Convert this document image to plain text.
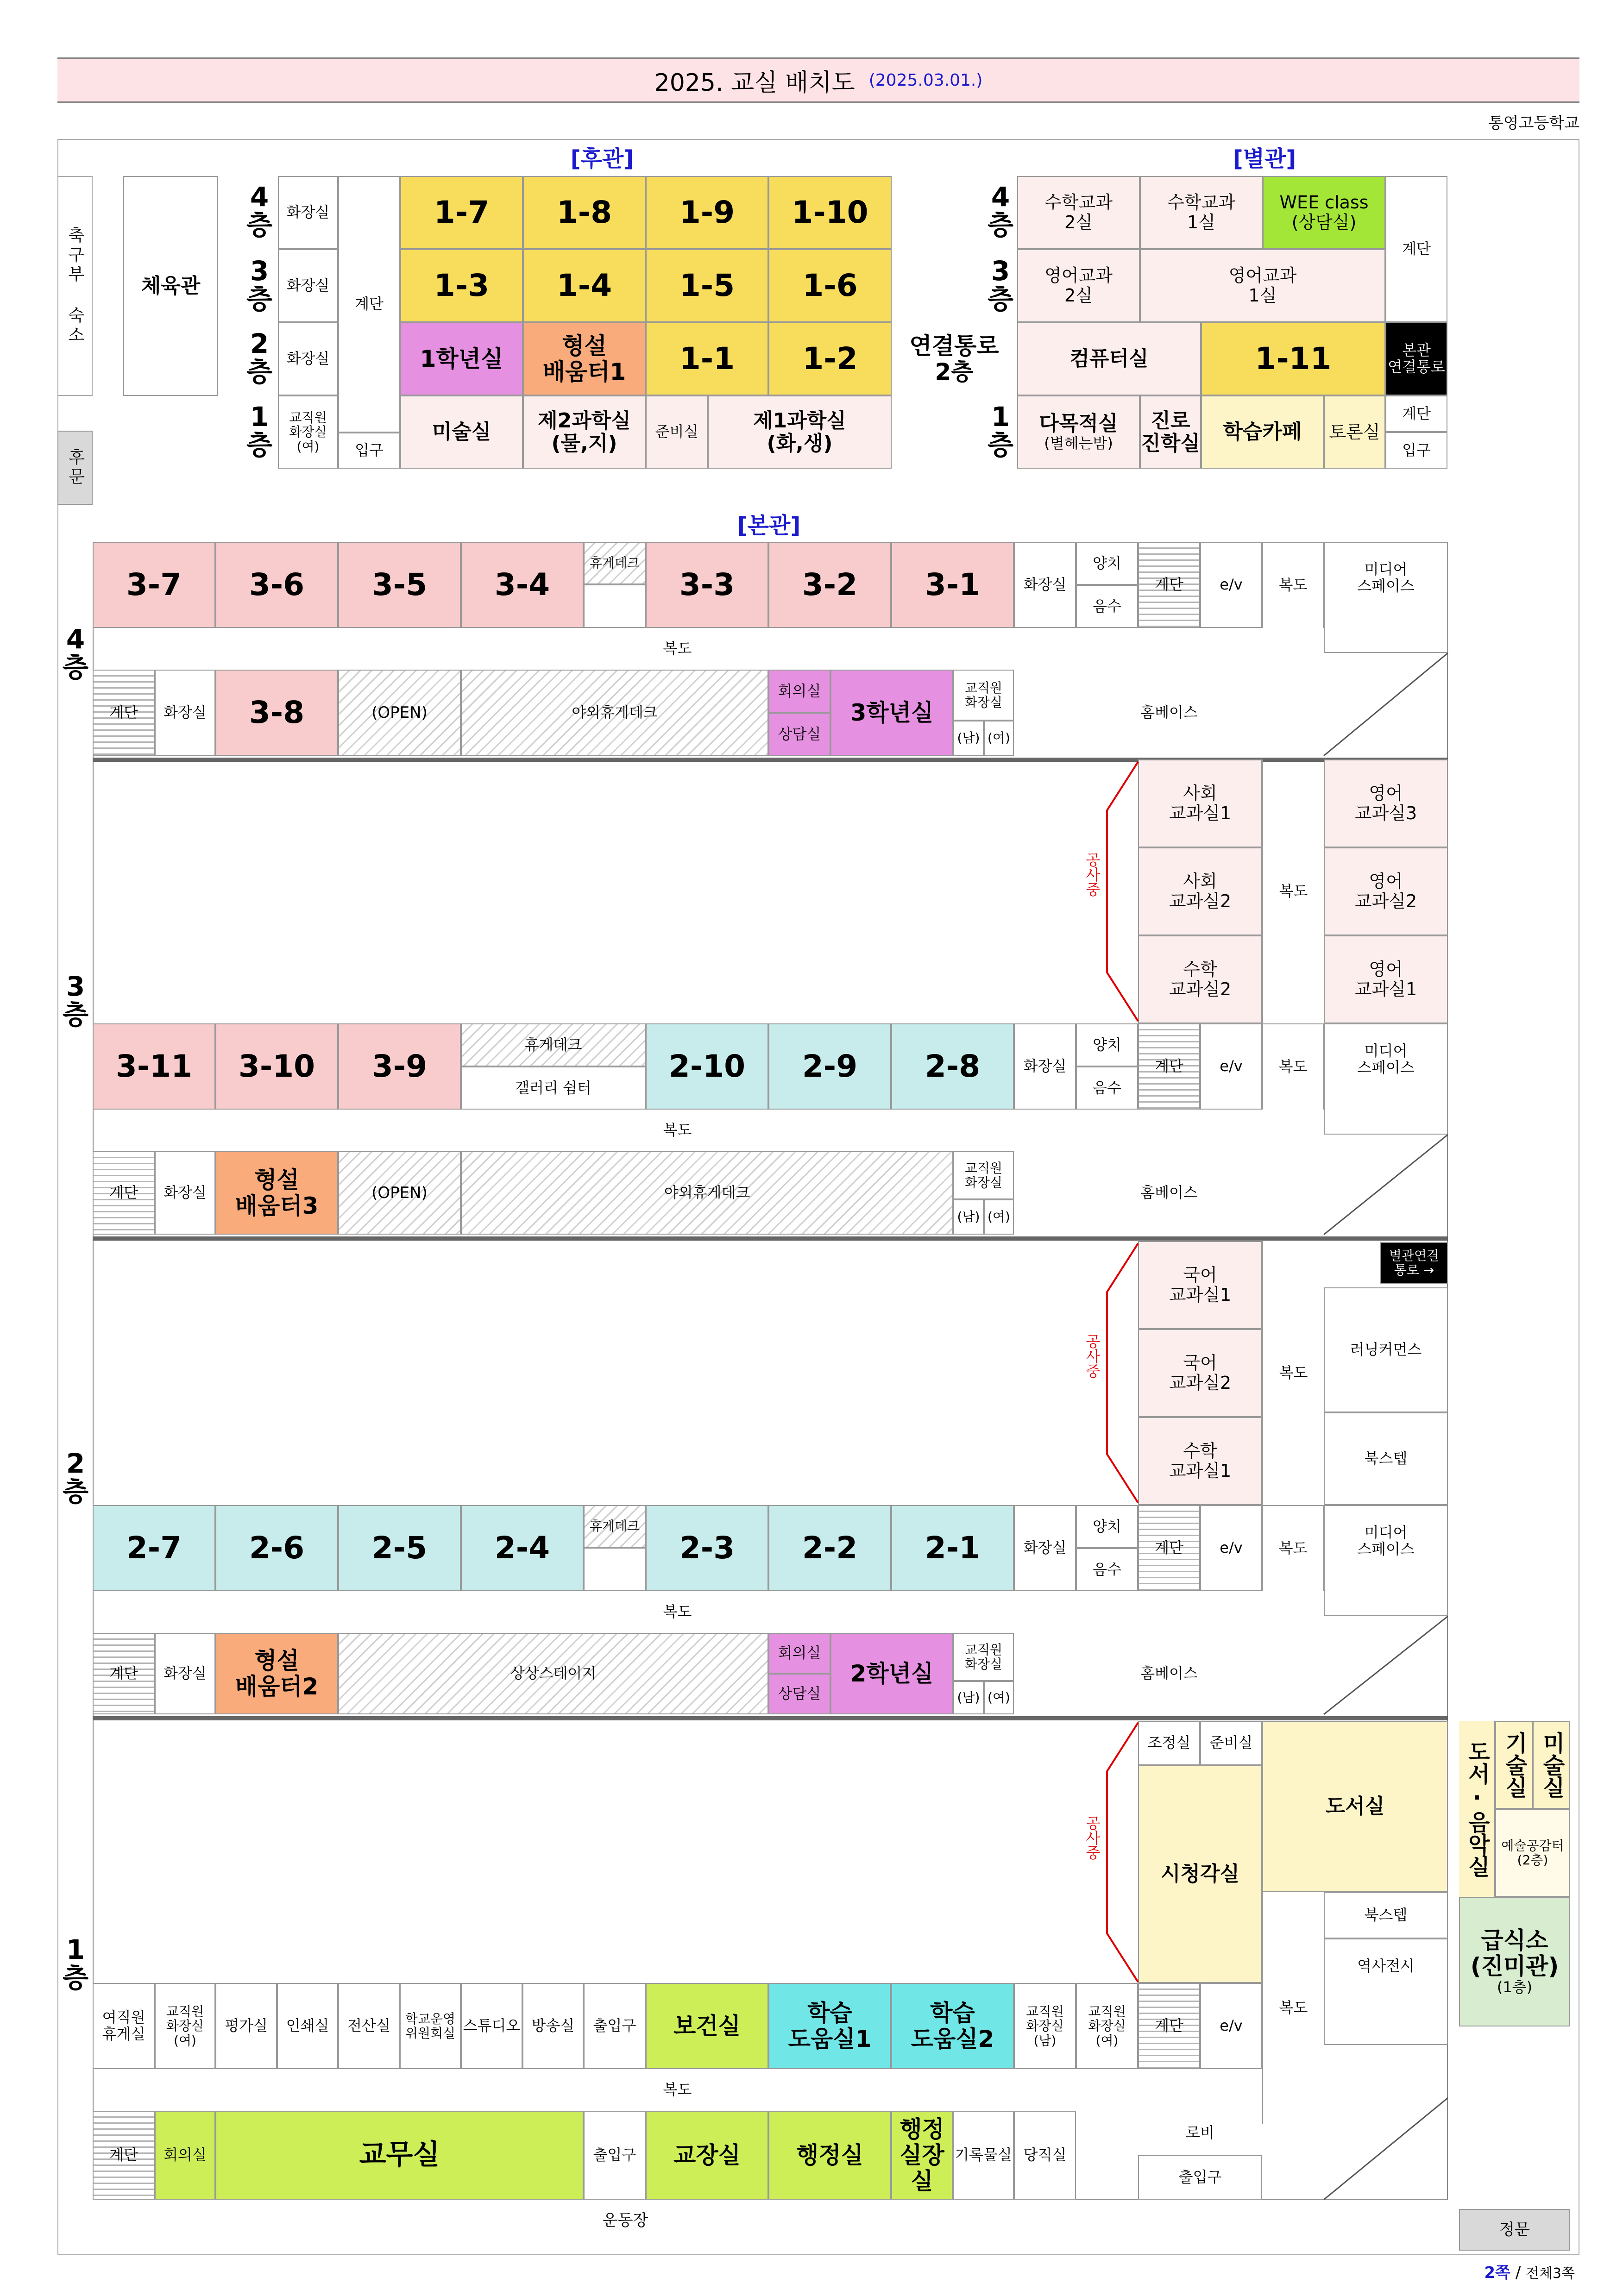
2025. 교실 배치도 (2025.03.01.)
통영고등학교
축구부 숙소	체육관
후문
[후관]	[별관]
[본관]
4
층
3
층
2
층
1
층
화장실
화장실
화장실
교직원
화장실
(여)
계단
입구
1-7	1-8	1-9	1-10
1-3	1-4	1-5	1-6
1학년실	형설
배움터1	1-1	1-2
미술실	제2과학실
(물,지)	준비실	제1과학실
(화,생)
연결통로
2층
4
층
3
층
1
층
수학교과
2실
수학교과
1실
WEE class
(상담실)
계단
영어교과
2실
영어교과
1실
컴퓨터실	1-11	본관
연결통로
다목적실
(별헤는밤)
진로
진학실	학습카페	토론실
계단
입구
4
층
3
층
2
층
1
층
3-7	3-6	3-5	3-4
휴게데크
3-3	3-2	3-1	화장실
양치
음수
계단	e/v	복도
미디어
스페이스
복도
계단	화장실	3-8	(OPEN)	야외휴게데크
회의실
상담실
3학년실
교직원
화장실
(남) (여)
홈베이스
사회
교과실1
사회
교과실2
수학
교과실2
복도
영어
교과실3
영어
교과실2
영어
교과실1
공사중
3-11	3-10	3-9
휴게데크
갤러리 쉼터
2-10	2-9	2-8	화장실
양치
음수
계단	e/v	복도
미디어
스페이스
복도
계단	화장실	형설
배움터3	(OPEN)	야외휴게데크
교직원
화장실
(남) (여)
홈베이스
국어
교과실1
국어
교과실2
수학
교과실1
복도
별관연결
통로 →
러닝커먼스
북스텝
공사중
2-7	2-6	2-5	2-4
휴게데크
2-3	2-2	2-1	화장실
양치
음수
계단	e/v	복도
미디어
스페이스
복도
계단	화장실	형설
배움터2	상상스테이지
회의실
상담실
2학년실
교직원
화장실
(남) (여)
홈베이스
조정실	준비실
시청각실
도서실
북스텝
역사전시
복도
공사중
여직원
휴게실
교직원
화장실
(여)
평가실	인쇄실	전산실	학교운영
위원회실 스튜디오 방송실	출입구	보건실	학습
도움실1
학습
도움실2
교직원
화장실
(남)
교직원
화장실
(여)
계단	e/v
복도
계단	회의실	교무실	출입구	교장실	행정실
행정
실장실
기록물실 당직실
로비
출입구
도서·음악실 기술실 미술실
예술공감터
(2층)
급식소
(진미관)
(1층)
운동장	정문
2쪽 / 전체3쪽
